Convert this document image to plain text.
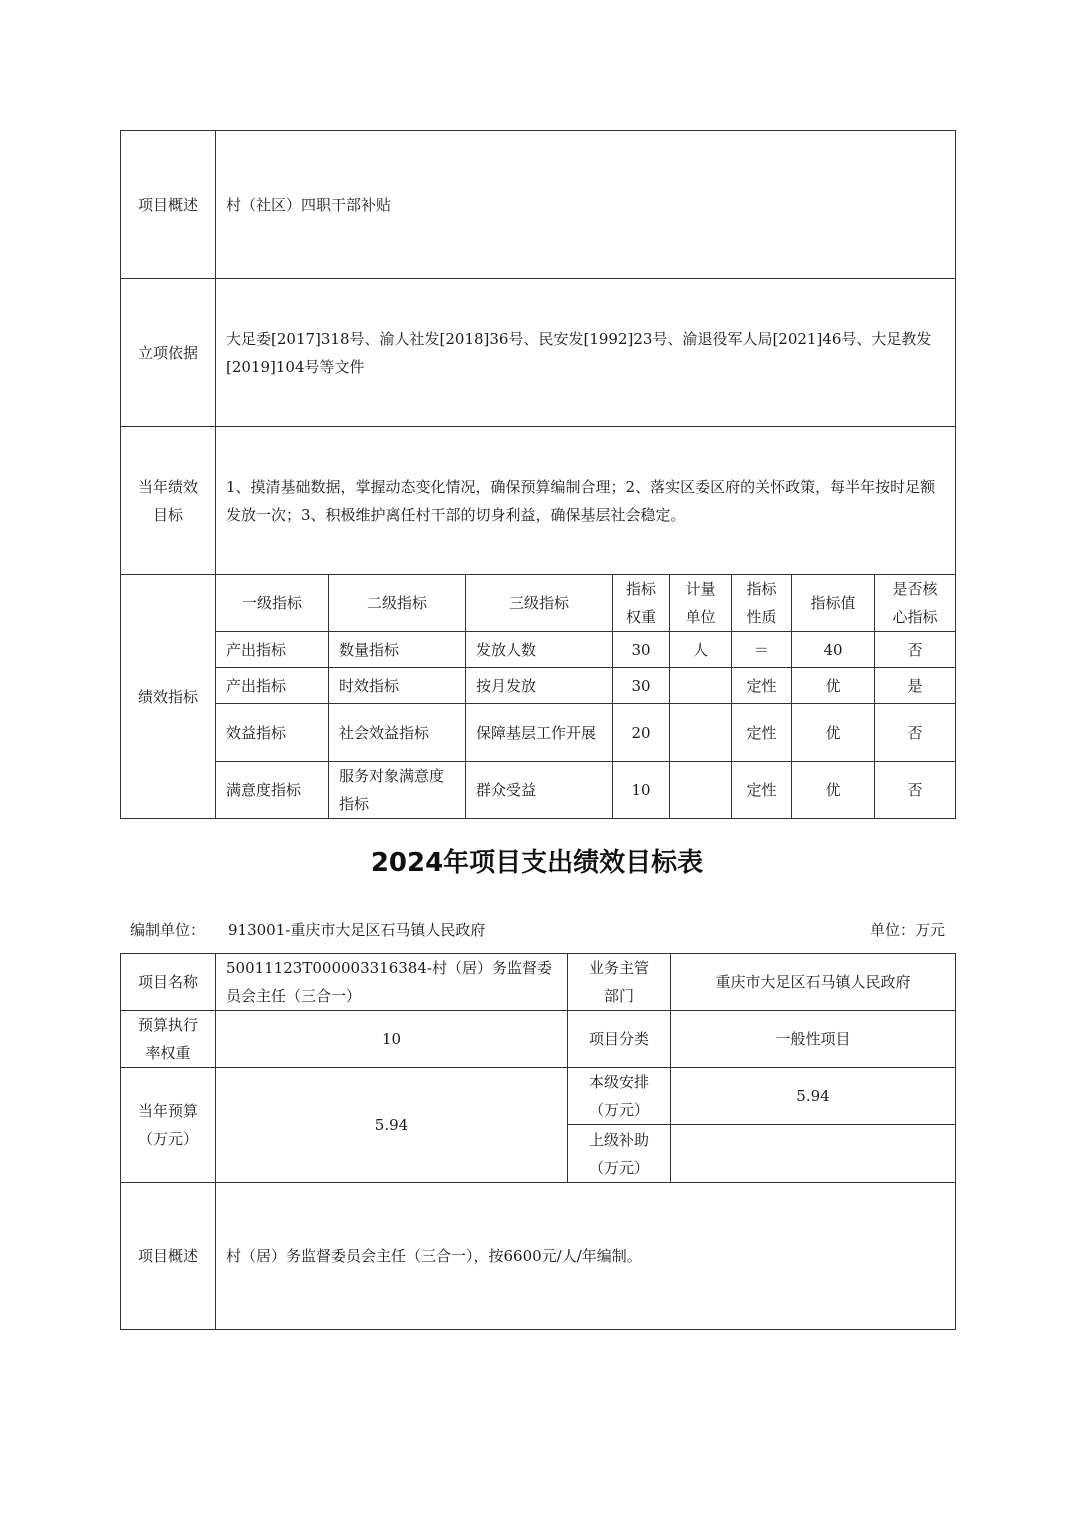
项目概述	村（社区）四职干部补贴							
立项依据	大足委[2017]318号、渝人社发[2018]36号、民安发[1992]23号、渝退役军人局[2021]46号、大足教发[2019]104号等文件							
当年绩效目标	1、摸清基础数据，掌握动态变化情况，确保预算编制合理；2、落实区委区府的关怀政策，每半年按时足额发放一次；3、积极维护离任村干部的切身利益，确保基层社会稳定。							
绩效指标	一级指标	二级指标	三级指标	指标权重	计量单位	指标性质	指标值	是否核心指标
	产出指标	数量指标	发放人数	30	人	＝	40	否
	产出指标	时效指标	按月发放	30		定性	优	是
	效益指标	社会效益指标	保障基层工作开展	20		定性	优	否
	满意度指标	服务对象满意度指标	群众受益	10		定性	优	否
2024年项目支出绩效目标表
编制单位： 913001-重庆市大足区石马镇人民政府	单位：万元
项目名称	50011123T000003316384-村（居）务监督委员会主任（三合一）	业务主管部门	重庆市大足区石马镇人民政府
预算执行率权重	10	项目分类	一般性项目
当年预算（万元）	5.94	本级安排（万元）	5.94
		上级补助（万元）	
项目概述	村（居）务监督委员会主任（三合一），按6600元/人/年编制。		
